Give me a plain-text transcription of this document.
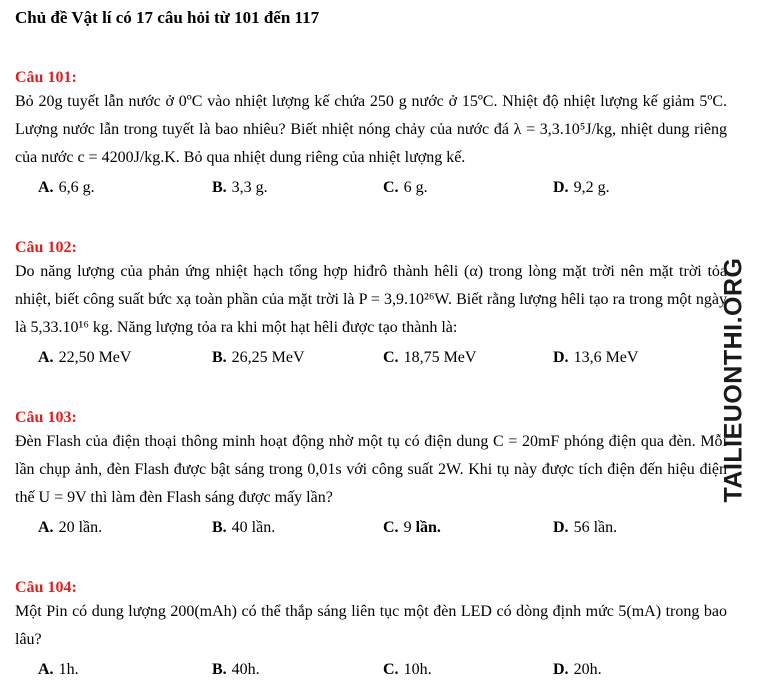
Chủ đề Vật lí có 17 câu hỏi từ 101 đến 117
Câu 101:
Bỏ 20g tuyết lẫn nước ở 0ºC vào nhiệt lượng kế chứa 250 g nước ở 15ºC. Nhiệt độ nhiệt lượng kế giảm 5ºC. Lượng nước lẫn trong tuyết là bao nhiêu? Biết nhiệt nóng chảy của nước đá λ = 3,3.10⁵J/kg, nhiệt dung riêng của nước c = 4200J/kg.K. Bỏ qua nhiệt dung riêng của nhiệt lượng kế.
A. 6,6 g.	B. 3,3 g.	C. 6 g.	D. 9,2 g.
Câu 102:
Do năng lượng của phản ứng nhiệt hạch tổng hợp hiđrô thành hêli (α) trong lòng mặt trời nên mặt trời tỏa nhiệt, biết công suất bức xạ toàn phần của mặt trời là P = 3,9.10²⁶W. Biết rằng lượng hêli tạo ra trong một ngày là 5,33.10¹⁶ kg. Năng lượng tỏa ra khi một hạt hêli được tạo thành là:
A. 22,50 MeV	B. 26,25 MeV	C. 18,75 MeV	D. 13,6 MeV
Câu 103:
Đèn Flash của điện thoại thông minh hoạt động nhờ một tụ có điện dung C = 20mF phóng điện qua đèn. Mỗi lần chụp ảnh, đèn Flash được bật sáng trong 0,01s với công suất 2W. Khi tụ này được tích điện đến hiệu điện thế U = 9V thì làm đèn Flash sáng được mấy lần?
A. 20 lần.	B. 40 lần.	C. 9 lần.	D. 56 lần.
Câu 104:
Một Pin có dung lượng 200(mAh) có thể thắp sáng liên tục một đèn LED có dòng định mức 5(mA) trong bao lâu?
A. 1h.	B. 40h.	C. 10h.	D. 20h.
TAILIEUONTHI.ORG
